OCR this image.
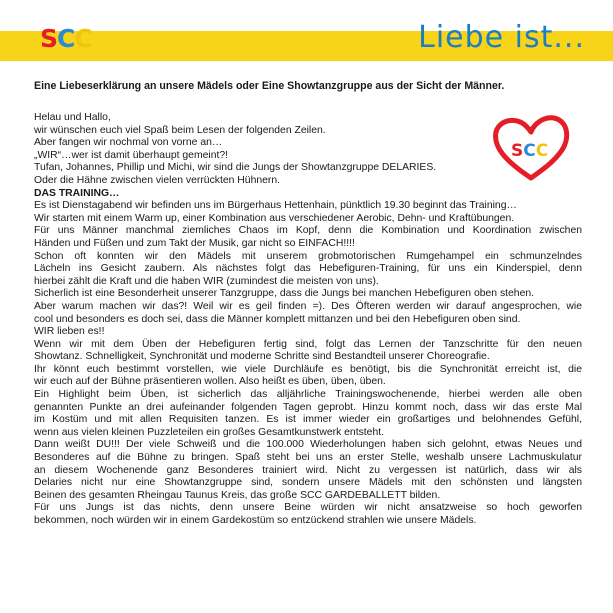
SCC	Liebe ist...
Eine Liebeserklärung an unsere Mädels oder Eine Showtanzgruppe aus der Sicht der Männer.
SCC

Helau und Hallo,

wir wünschen euch viel Spaß beim Lesen der folgenden Zeilen.

Aber fangen wir nochmal von vorne an…

„WIR“…wer ist damit überhaupt gemeint?!

Tufan, Johannes, Phillip und Michi, wir sind die Jungs der Showtanzgruppe DELARIES.

Oder die Hähne zwischen vielen verrückten Hühnern.

DAS TRAINING…

Es ist Dienstagabend wir befinden uns im Bürgerhaus Hettenhain, pünktlich 19.30 beginnt das Training…

Wir starten mit einem Warm up, einer Kombination aus verschiedener Aerobic, Dehn- und Kraftübungen.

Für uns Männer manchmal ziemliches Chaos im Kopf, denn die Kombination und Koordination zwischen

Händen und Füßen und zum Takt der Musik, gar nicht so EINFACH!!!!

Schon oft konnten wir den Mädels mit unserem grobmotorischen Rumgehampel ein schmunzelndes

Lächeln ins Gesicht zaubern. Als nächstes folgt das Hebefiguren-Training, für uns ein Kinderspiel, denn

hierbei zählt die Kraft und die haben WIR (zumindest die meisten von uns).

Sicherlich ist eine Besonderheit unserer Tanzgruppe, dass die Jungs bei manchen Hebefiguren oben stehen.

Aber warum machen wir das?! Weil wir es geil finden =). Des Öfteren werden wir darauf angesprochen, wie

cool und besonders es doch sei, dass die Männer komplett mittanzen und bei den Hebefiguren oben sind.

WIR lieben es!!

Wenn wir mit dem Üben der Hebefiguren fertig sind, folgt das Lernen der Tanzschritte für den neuen

Showtanz. Schnelligkeit, Synchronität und moderne Schritte sind Bestandteil unserer Choreografie.

Ihr könnt euch bestimmt vorstellen, wie viele Durchläufe es benötigt, bis die Synchronität erreicht ist, die

wir euch auf der Bühne präsentieren wollen. Also heißt es üben, üben, üben.

Ein Highlight beim Üben, ist sicherlich das alljährliche Trainingswochenende, hierbei werden alle oben

genannten Punkte an drei aufeinander folgenden Tagen geprobt. Hinzu kommt noch, dass wir das erste Mal

im Kostüm und mit allen Requisiten tanzen. Es ist immer wieder ein großartiges und belohnendes Gefühl,

wenn aus vielen kleinen Puzzleteilen ein großes Gesamtkunstwerk entsteht.

Dann weißt DU!!! Der viele Schweiß und die 100.000 Wiederholungen haben sich gelohnt, etwas Neues und

Besonderes auf die Bühne zu bringen. Spaß steht bei uns an erster Stelle, weshalb unsere Lachmuskulatur

an diesem Wochenende ganz Besonderes trainiert wird. Nicht zu vergessen ist natürlich, dass wir als

Delaries nicht nur eine Showtanzgruppe sind, sondern unsere Mädels mit den schönsten und längsten

Beinen des gesamten Rheingau Taunus Kreis, das große SCC GARDEBALLETT bilden.

Für uns Jungs ist das nichts, denn unsere Beine würden wir nicht ansatzweise so hoch geworfen

bekommen, noch würden wir in einem Gardekostüm so entzückend strahlen wie unsere Mädels.
